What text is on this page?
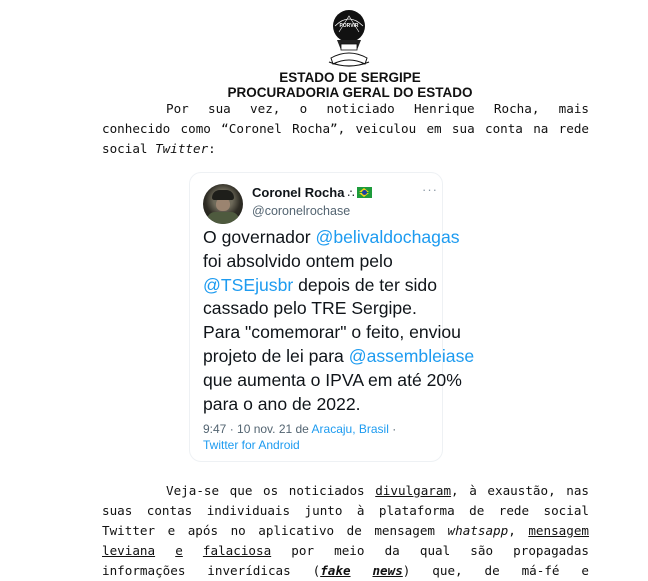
PORVIR
ESTADO DE SERGIPE
PROCURADORIA GERAL DO ESTADO
Por sua vez, o noticiado Henrique Rocha, mais
conhecido como “Coronel Rocha”, veiculou em sua conta na rede
social Twitter:
Coronel Rocha ∴
@coronelrochase
···
O governador @belivaldochagas
foi absolvido ontem pelo
@TSEjusbr depois de ter sido
cassado pelo TRE Sergipe.
Para "comemorar" o feito, enviou
projeto de lei para @assembleiase
que aumenta o IPVA em até 20%
para o ano de 2022.
9:47 · 10 nov. 21 de Aracaju, Brasil ·
Twitter for Android
Veja-se que os noticiados divulgaram, à exaustão, nas
suas contas individuais junto à plataforma de rede social
Twitter e após no aplicativo de mensagem whatsapp, mensagem
leviana e falaciosa por meio da qual são propagadas
informações inverídicas (fake news) que, de má-fé e
